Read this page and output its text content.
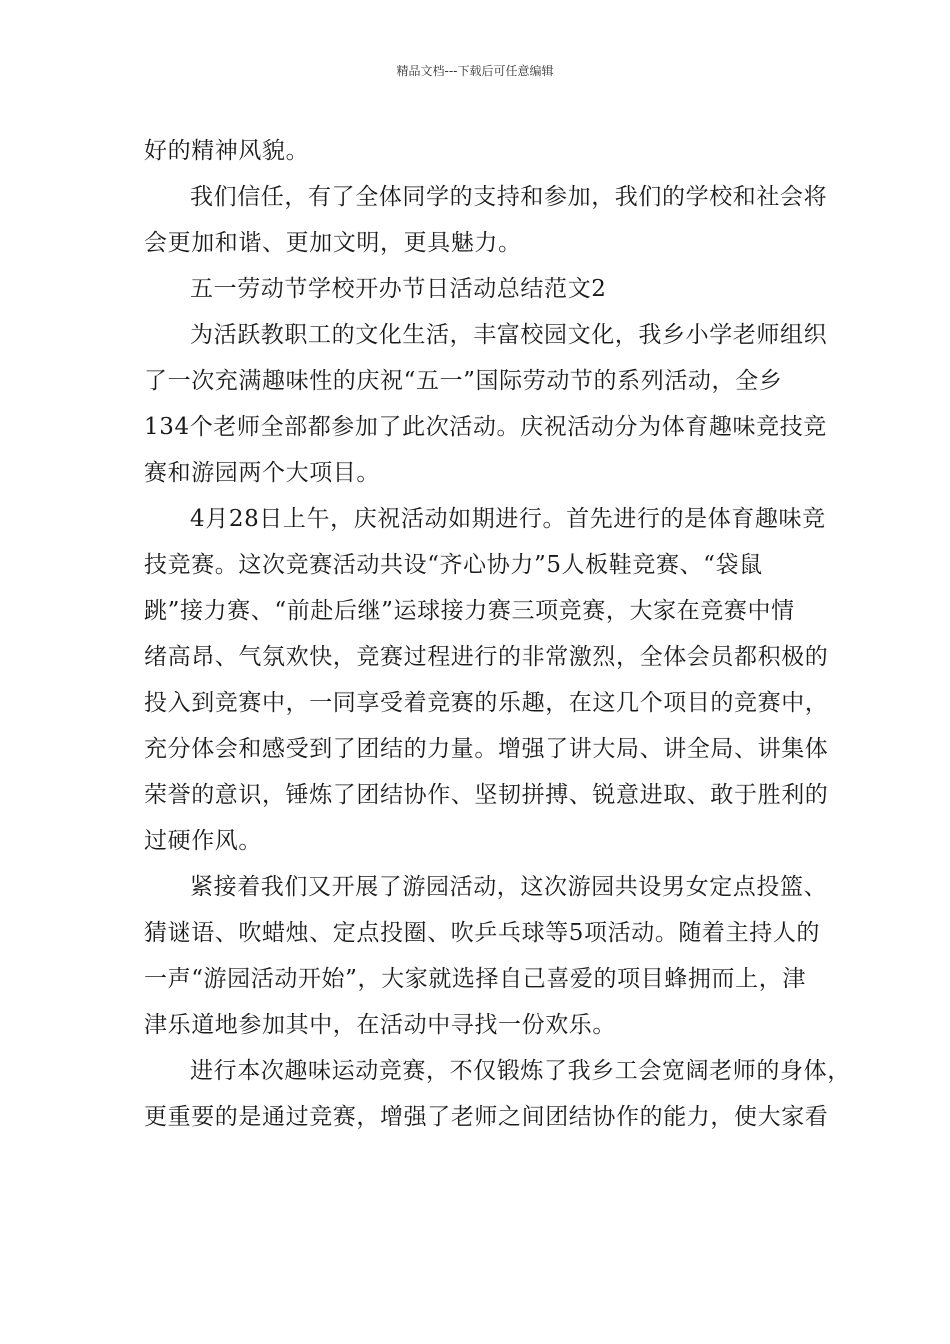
精品文档---下载后可任意编辑
好的精神风貌。
我们信任，有了全体同学的支持和参加，我们的学校和社会将
会更加和谐、更加文明，更具魅力。
五一劳动节学校开办节日活动总结范文2
为活跃教职工的文化生活，丰富校园文化，我乡小学老师组织
了一次充满趣味性的庆祝“五一”国际劳动节的系列活动，全乡
134个老师全部都参加了此次活动。庆祝活动分为体育趣味竞技竞
赛和游园两个大项目。
4月28日上午，庆祝活动如期进行。首先进行的是体育趣味竞
技竞赛。这次竞赛活动共设“齐心协力”5人板鞋竞赛、“袋鼠
跳”接力赛、“前赴后继”运球接力赛三项竞赛，大家在竞赛中情
绪高昂、气氛欢快，竞赛过程进行的非常激烈，全体会员都积极的
投入到竞赛中，一同享受着竞赛的乐趣，在这几个项目的竞赛中，
充分体会和感受到了团结的力量。增强了讲大局、讲全局、讲集体
荣誉的意识，锤炼了团结协作、坚韧拼搏、锐意进取、敢于胜利的
过硬作风。
紧接着我们又开展了游园活动，这次游园共设男女定点投篮、
猜谜语、吹蜡烛、定点投圈、吹乒乓球等5项活动。随着主持人的
一声“游园活动开始”，大家就选择自己喜爱的项目蜂拥而上，津
津乐道地参加其中，在活动中寻找一份欢乐。
进行本次趣味运动竞赛，不仅锻炼了我乡工会宽阔老师的身体，
更重要的是通过竞赛，增强了老师之间团结协作的能力，使大家看
